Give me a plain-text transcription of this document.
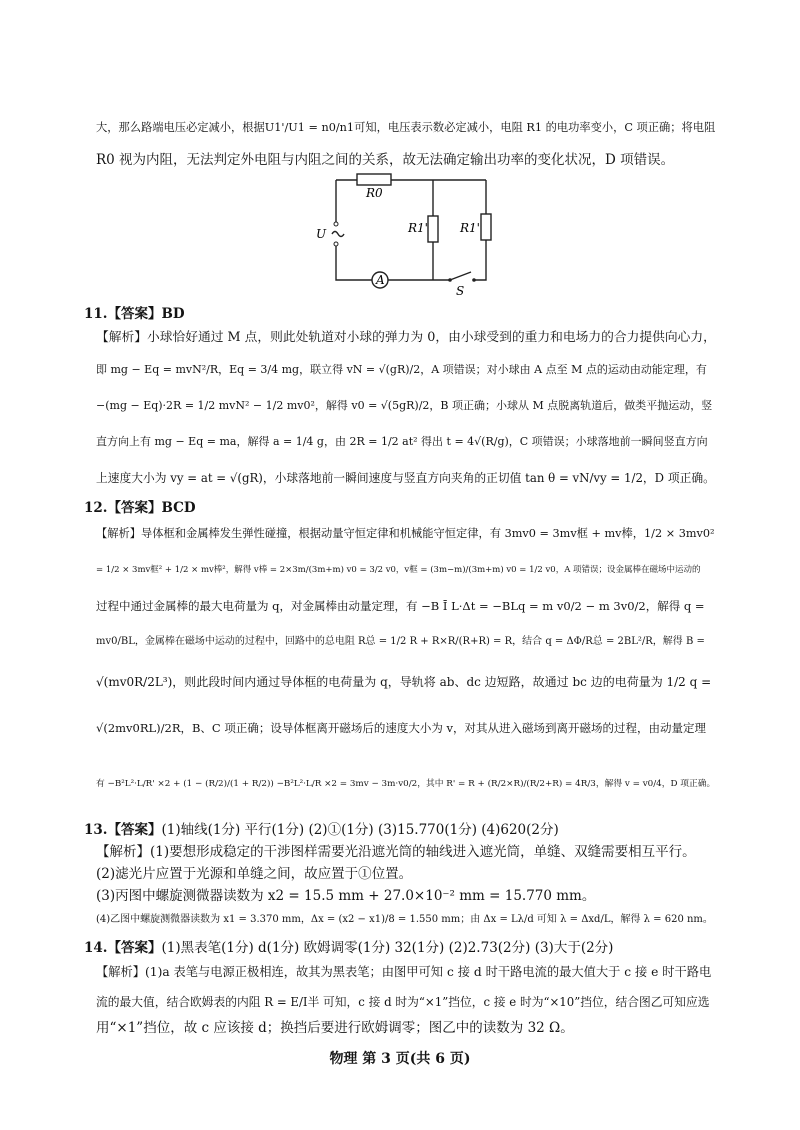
大，那么路端电压必定减小，根据U1'/U1 = n0/n1可知，电压表示数必定减小，电阻 R1 的电功率变小，C 项正确；将电阻
R0 视为内阻，无法判定外电阻与内阻之间的关系，故无法确定输出功率的变化状况，D 项错误。
R0
U
A
R1'	R1'
S
11.【答案】BD
【解析】小球恰好通过 M 点，则此处轨道对小球的弹力为 0，由小球受到的重力和电场力的合力提供向心力，
即 mg − Eq = mvN²/R，Eq = 3/4 mg，联立得 vN = √(gR)/2，A 项错误；对小球由 A 点至 M 点的运动由动能定理，有
−(mg − Eq)·2R = 1/2 mvN² − 1/2 mv0²，解得 v0 = √(5gR)/2，B 项正确；小球从 M 点脱离轨道后，做类平抛运动，竖
直方向上有 mg − Eq = ma，解得 a = 1/4 g，由 2R = 1/2 at² 得出 t = 4√(R/g)，C 项错误；小球落地前一瞬间竖直方向
上速度大小为 vy = at = √(gR)，小球落地前一瞬间速度与竖直方向夹角的正切值 tan θ = vN/vy = 1/2，D 项正确。
12.【答案】BCD
【解析】导体框和金属棒发生弹性碰撞，根据动量守恒定律和机械能守恒定律，有 3mv0 = 3mv框 + mv棒，1/2 × 3mv0²
= 1/2 × 3mv框² + 1/2 × mv棒²，解得 v棒 = 2×3m/(3m+m) v0 = 3/2 v0，v框 = (3m−m)/(3m+m) v0 = 1/2 v0，A 项错误；设金属棒在磁场中运动的
过程中通过金属棒的最大电荷量为 q，对金属棒由动量定理，有 −B Ī L·Δt = −BLq = m v0/2 − m 3v0/2，解得 q =
mv0/BL，金属棒在磁场中运动的过程中，回路中的总电阻 R总 = 1/2 R + R×R/(R+R) = R，结合 q = ΔΦ/R总 = 2BL²/R，解得 B =
√(mv0R/2L³)，则此段时间内通过导体框的电荷量为 q，导轨将 ab、dc 边短路，故通过 bc 边的电荷量为 1/2 q =
√(2mv0RL)/2R，B、C 项正确；设导体框离开磁场后的速度大小为 v，对其从进入磁场到离开磁场的过程，由动量定理
有 −B²L²·L/R' ×2 + (1 − (R/2)/(1 + R/2)) −B²L²·L/R ×2 = 3mv − 3m·v0/2，其中 R' = R + (R/2×R)/(R/2+R) = 4R/3，解得 v = v0/4，D 项正确。
13.【答案】(1)轴线(1分) 平行(1分) (2)①(1分) (3)15.770(1分) (4)620(2分)
【解析】(1)要想形成稳定的干涉图样需要光沿遮光筒的轴线进入遮光筒，单缝、双缝需要相互平行。
(2)滤光片应置于光源和单缝之间，故应置于①位置。
(3)丙图中螺旋测微器读数为 x2 = 15.5 mm + 27.0×10⁻² mm = 15.770 mm。
(4)乙图中螺旋测微器读数为 x1 = 3.370 mm，Δx = (x2 − x1)/8 = 1.550 mm；由 Δx = Lλ/d 可知 λ = Δxd/L，解得 λ = 620 nm。
14.【答案】(1)黑表笔(1分) d(1分) 欧姆调零(1分) 32(1分) (2)2.73(2分) (3)大于(2分)
【解析】(1)a 表笔与电源正极相连，故其为黑表笔；由图甲可知 c 接 d 时干路电流的最大值大于 c 接 e 时干路电
流的最大值，结合欧姆表的内阻 R = E/I半 可知，c 接 d 时为“×1”挡位，c 接 e 时为“×10”挡位，结合图乙可知应选
用“×1”挡位，故 c 应该接 d；换挡后要进行欧姆调零；图乙中的读数为 32 Ω。
物理 第 3 页(共 6 页)
